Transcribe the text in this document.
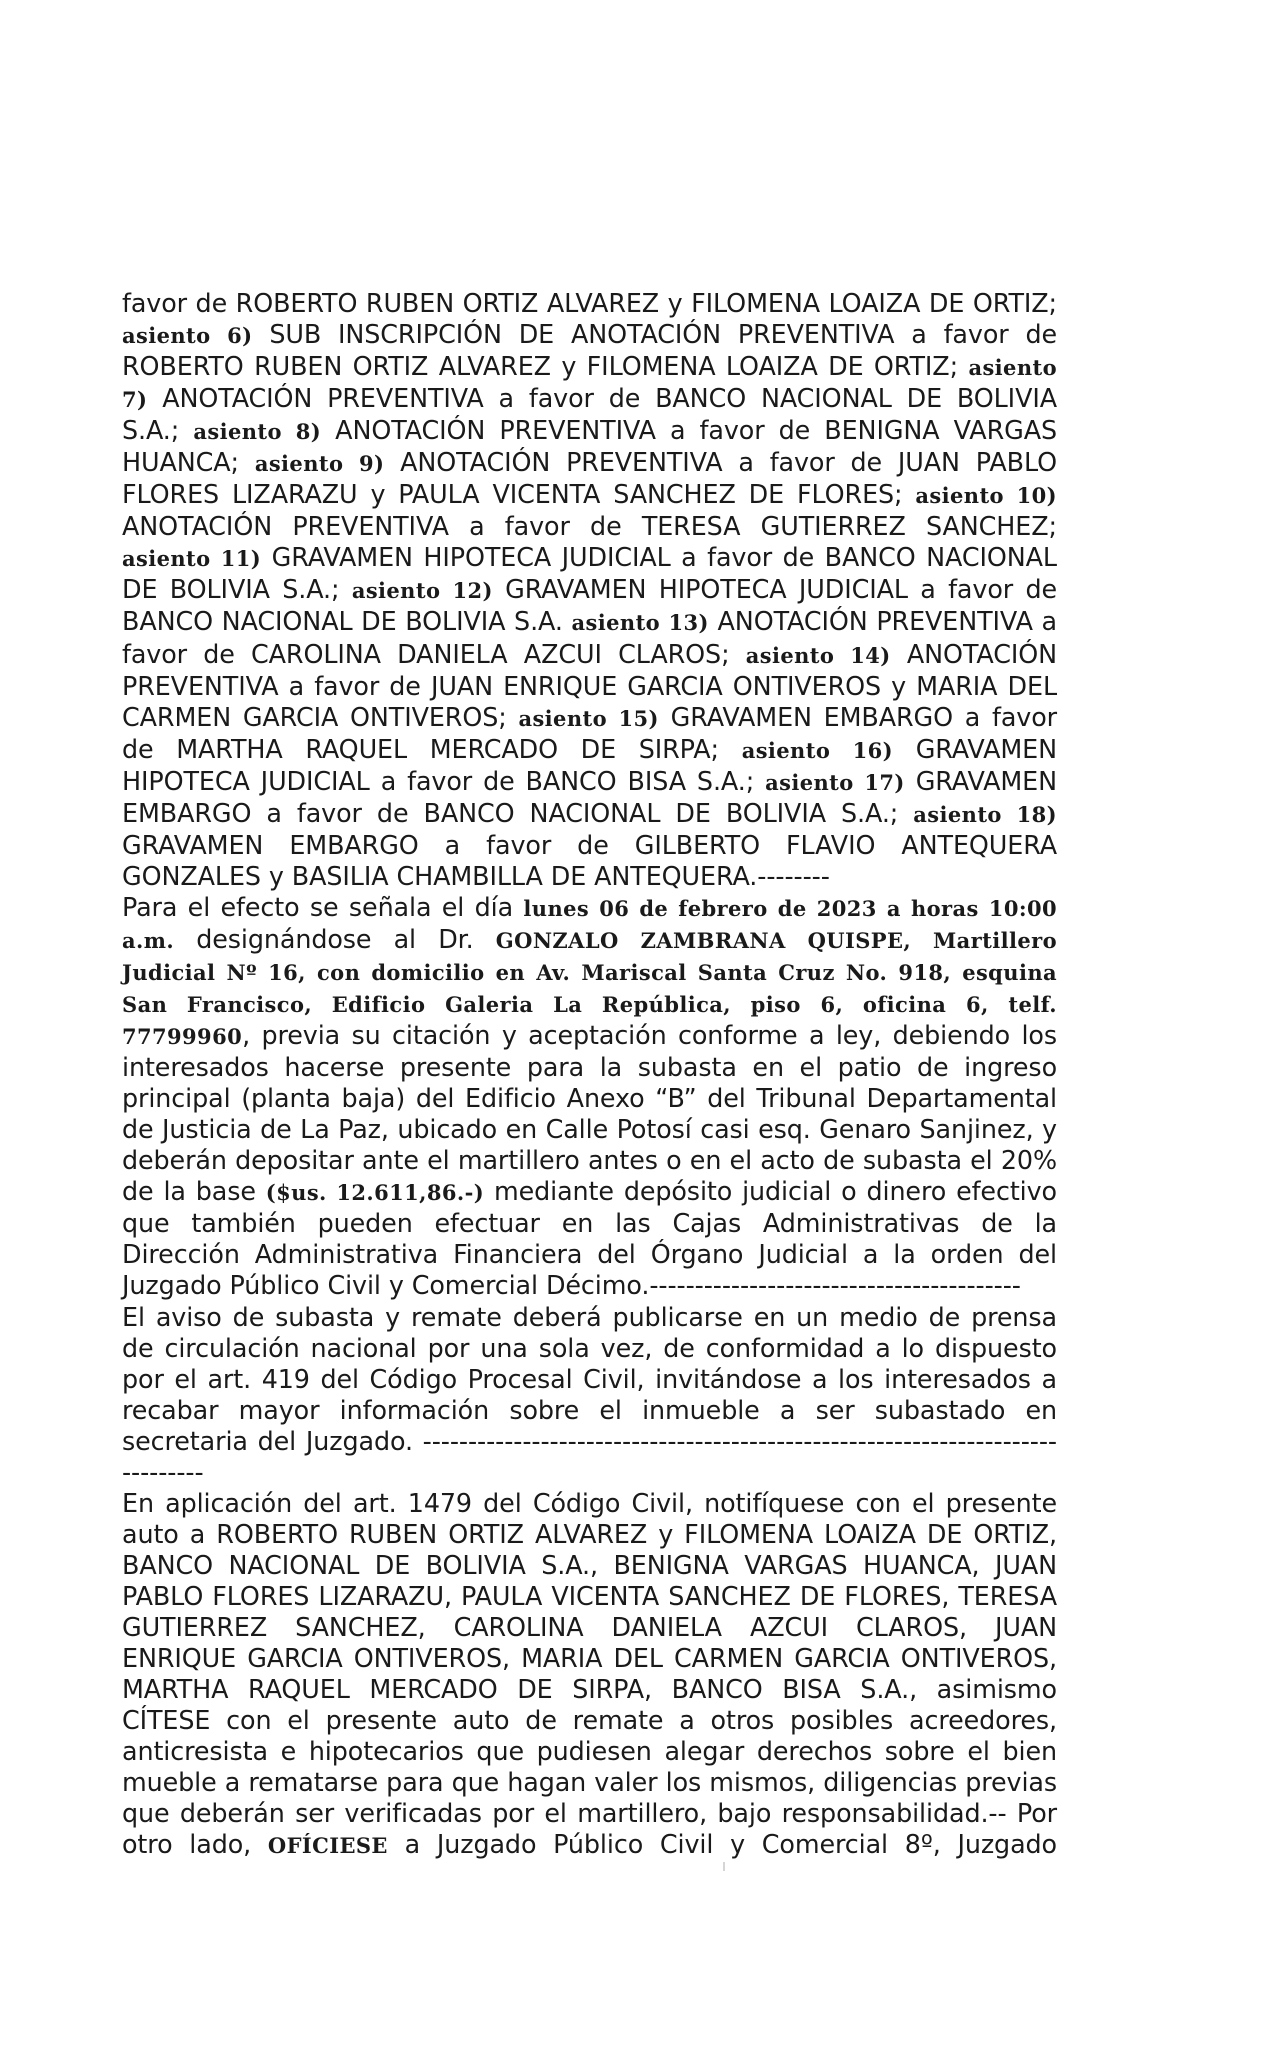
favor de ROBERTO RUBEN ORTIZ ALVAREZ y FILOMENA LOAIZA DE ORTIZ; asiento 6) SUB INSCRIPCIÓN DE ANOTACIÓN PREVENTIVA a favor de ROBERTO RUBEN ORTIZ ALVAREZ y FILOMENA LOAIZA DE ORTIZ; asiento 7) ANOTACIÓN PREVENTIVA a favor de BANCO NACIONAL DE BOLIVIA S.A.; asiento 8) ANOTACIÓN PREVENTIVA a favor de BENIGNA VARGAS HUANCA; asiento 9) ANOTACIÓN PREVENTIVA a favor de JUAN PABLO FLORES LIZARAZU y PAULA VICENTA SANCHEZ DE FLORES; asiento 10) ANOTACIÓN PREVENTIVA a favor de TERESA GUTIERREZ SANCHEZ; asiento 11) GRAVAMEN HIPOTECA JUDICIAL a favor de BANCO NACIONAL DE BOLIVIA S.A.; asiento 12) GRAVAMEN HIPOTECA JUDICIAL a favor de BANCO NACIONAL DE BOLIVIA S.A. asiento 13) ANOTACIÓN PREVENTIVA a favor de CAROLINA DANIELA AZCUI CLAROS; asiento 14) ANOTACIÓN PREVENTIVA a favor de JUAN ENRIQUE GARCIA ONTIVEROS y MARIA DEL CARMEN GARCIA ONTIVEROS; asiento 15) GRAVAMEN EMBARGO a favor de MARTHA RAQUEL MERCADO DE SIRPA; asiento 16) GRAVAMEN HIPOTECA JUDICIAL a favor de BANCO BISA S.A.; asiento 17) GRAVAMEN EMBARGO a favor de BANCO NACIONAL DE BOLIVIA S.A.; asiento 18) GRAVAMEN EMBARGO a favor de GILBERTO FLAVIO ANTEQUERA GONZALES y BASILIA CHAMBILLA DE ANTEQUERA.--------

Para el efecto se señala el día lunes 06 de febrero de 2023 a horas 10:00 a.m. designándose al Dr. GONZALO ZAMBRANA QUISPE, Martillero Judicial Nº 16, con domicilio en Av. Mariscal Santa Cruz No. 918, esquina San Francisco, Edificio Galeria La República, piso 6, oficina 6, telf. 77799960, previa su citación y aceptación conforme a ley, debiendo los interesados hacerse presente para la subasta en el patio de ingreso principal (planta baja) del Edificio Anexo “B” del Tribunal Departamental de Justicia de La Paz, ubicado en Calle Potosí casi esq. Genaro Sanjinez, y deberán depositar ante el martillero antes o en el acto de subasta el 20% de la base ($us. 12.611,86.-) mediante depósito judicial o dinero efectivo que también pueden efectuar en las Cajas Administrativas de la Dirección Administrativa Financiera del Órgano Judicial a la orden del Juzgado Público Civil y Comercial Décimo.-----------------------------------------

El aviso de subasta y remate deberá publicarse en un medio de prensa de circulación nacional por una sola vez, de conformidad a lo dispuesto por el art. 419 del Código Procesal Civil, invitándose a los interesados a recabar mayor información sobre el inmueble a ser subastado en secretaria del Juzgado. -------------------------------------------------------------------------------

En aplicación del art. 1479 del Código Civil, notifíquese con el presente auto a ROBERTO RUBEN ORTIZ ALVAREZ y FILOMENA LOAIZA DE ORTIZ, BANCO NACIONAL DE BOLIVIA S.A., BENIGNA VARGAS HUANCA, JUAN PABLO FLORES LIZARAZU, PAULA VICENTA SANCHEZ DE FLORES, TERESA GUTIERREZ SANCHEZ, CAROLINA DANIELA AZCUI CLAROS, JUAN ENRIQUE GARCIA ONTIVEROS, MARIA DEL CARMEN GARCIA ONTIVEROS, MARTHA RAQUEL MERCADO DE SIRPA, BANCO BISA S.A., asimismo CÍTESE con el presente auto de remate a otros posibles acreedores, anticresista e hipotecarios que pudiesen alegar derechos sobre el bien mueble a rematarse para que hagan valer los mismos, diligencias previas que deberán ser verificadas por el martillero, bajo responsabilidad.-- Por otro lado, OFÍCIESE a Juzgado Público Civil y Comercial 8º, Juzgado
